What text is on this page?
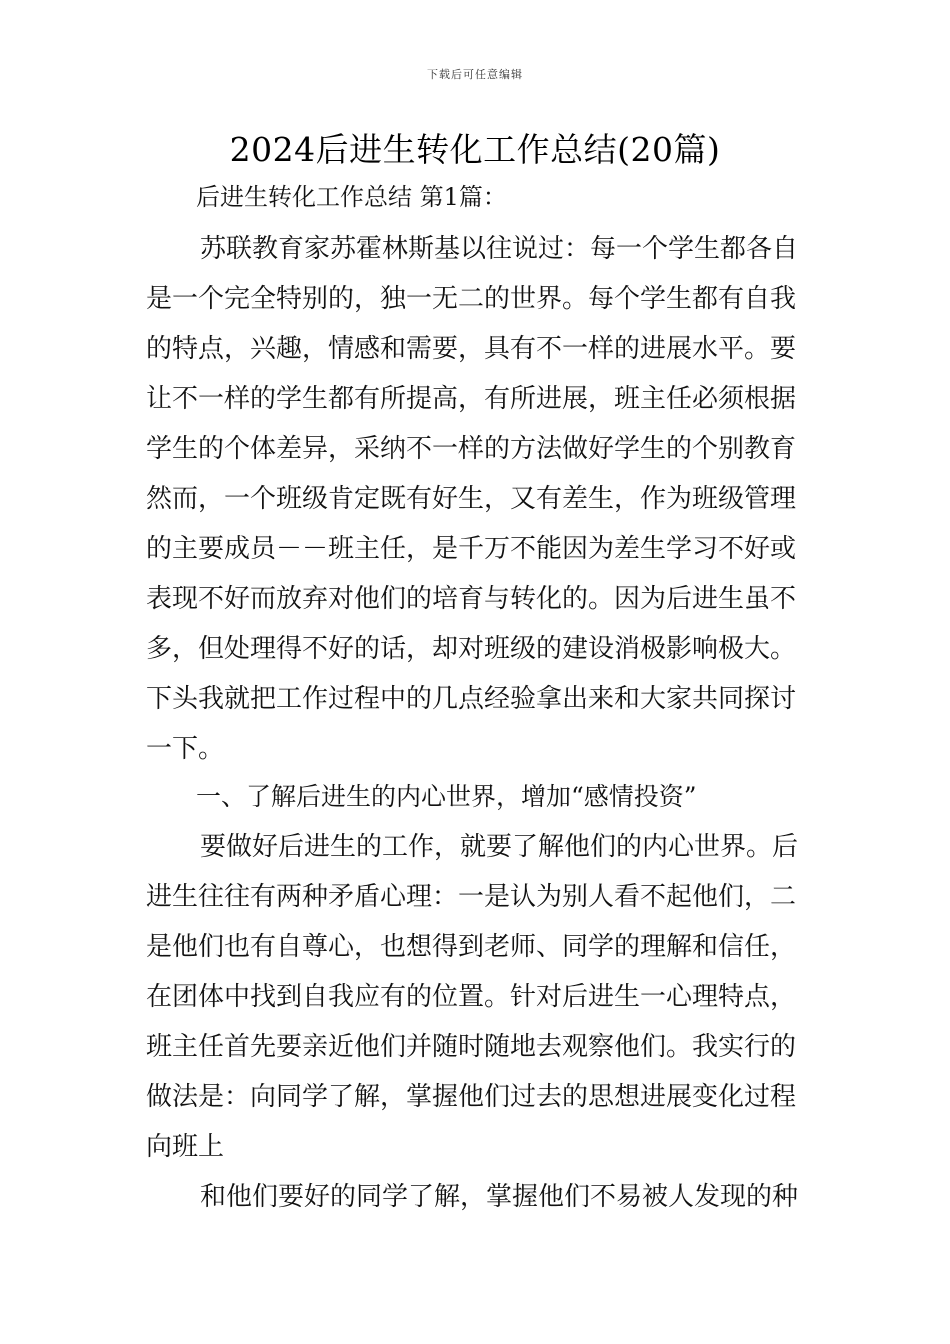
下载后可任意编辑
2024后进生转化工作总结(20篇)
后进生转化工作总结 第1篇：
苏联教育家苏霍林斯基以往说过：每一个学生都各自
是一个完全特别的，独一无二的世界。每个学生都有自我
的特点，兴趣，情感和需要，具有不一样的进展水平。要
让不一样的学生都有所提高，有所进展，班主任必须根据
学生的个体差异，采纳不一样的方法做好学生的个别教育
然而，一个班级肯定既有好生，又有差生，作为班级管理
的主要成员－－班主任，是千万不能因为差生学习不好或
表现不好而放弃对他们的培育与转化的。因为后进生虽不
多，但处理得不好的话，却对班级的建设消极影响极大。
下头我就把工作过程中的几点经验拿出来和大家共同探讨
一下。
一、了解后进生的内心世界，增加“感情投资”
要做好后进生的工作，就要了解他们的内心世界。后
进生往往有两种矛盾心理：一是认为别人看不起他们，二
是他们也有自尊心，也想得到老师、同学的理解和信任，
在团体中找到自我应有的位置。针对后进生一心理特点，
班主任首先要亲近他们并随时随地去观察他们。我实行的
做法是：向同学了解，掌握他们过去的思想进展变化过程
向班上
和他们要好的同学了解，掌握他们不易被人发现的种
